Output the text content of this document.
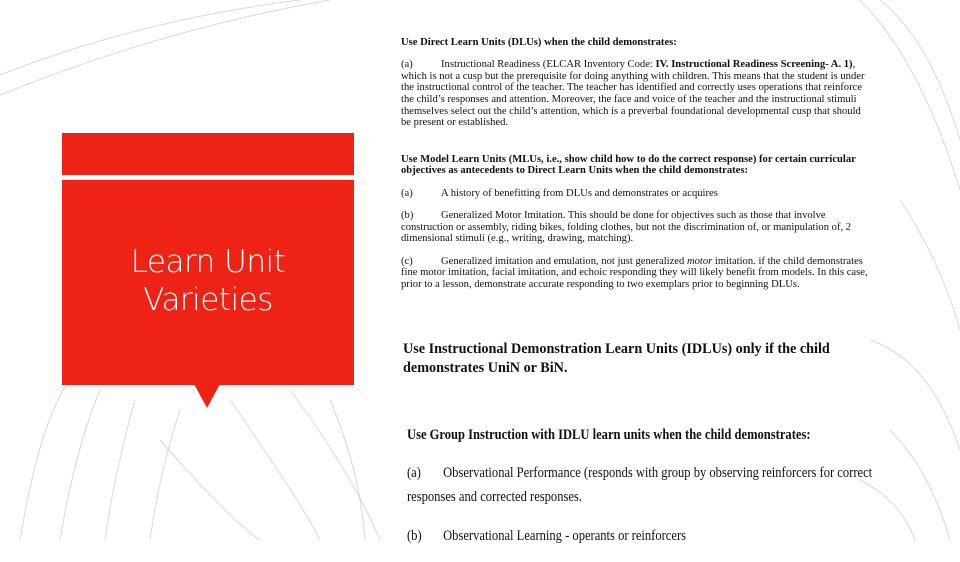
Learn Unit
Varieties

Use Direct Learn Units (DLUs) when the child demonstrates:

(a)	Instructional Readiness (ELCAR Inventory Code: IV. Instructional Readiness Screening- A. 1), which is not a cusp but the prerequisite for doing anything with children. This means that the student is under the instructional control of the teacher. The teacher has identified and correctly uses operations that reinforce the child’s responses and attention. Moreover, the face and voice of the teacher and the instructional stimuli themselves select out the child’s attention, which is a preverbal foundational developmental cusp that should be present or established.

Use Model Learn Units (MLUs, i.e., show child how to do the correct response) for certain curricular objectives as antecedents to Direct Learn Units when the child demonstrates:

(a)	A history of benefitting from DLUs and demonstrates or acquires

(b)	Generalized Motor Imitation. This should be done for objectives such as those that involve construction or assembly, riding bikes, folding clothes, but not the discrimination of, or manipulation of, 2 dimensional stimuli (e.g., writing, drawing, matching).

(c)	Generalized imitation and emulation, not just generalized motor imitation. if the child demonstrates fine motor imitation, facial imitation, and echoic responding they will likely benefit from models. In this case, prior to a lesson, demonstrate accurate responding to two exemplars prior to beginning DLUs.

Use Instructional Demonstration Learn Units (IDLUs) only if the child demonstrates UniN or BiN.

Use Group Instruction with IDLU learn units when the child demonstrates:

(a) Observational Performance (responds with group by observing reinforcers for correct responses and corrected responses.

(b) Observational Learning - operants or reinforcers
